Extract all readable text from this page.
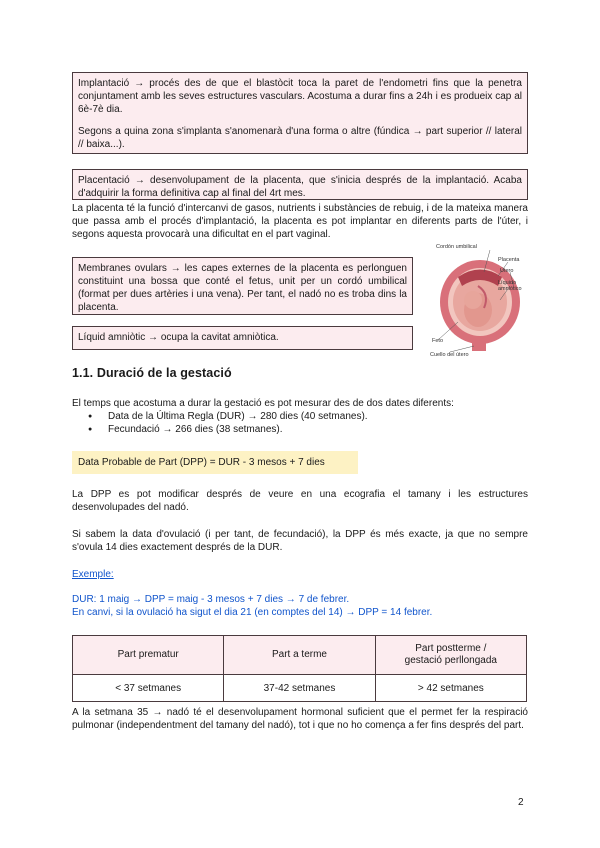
Implantació → procés des de que el blastòcit toca la paret de l'endometri fins que la penetra conjuntament amb les seves estructures vasculars. Acostuma a durar fins a 24h i es produeix cap al 6è-7è dia.

Segons a quina zona s'implanta s'anomenarà d'una forma o altre (fúndica → part superior // lateral // baixa...).

Placentació → desenvolupament de la placenta, que s'inicia després de la implantació. Acaba d'adquirir la forma definitiva cap al final del 4rt mes.

La placenta té la funció d'intercanvi de gasos, nutrients i substàncies de rebuig, i de la mateixa manera que passa amb el procés d'implantació, la placenta es pot implantar en diferents parts de l'úter, i segons aquesta provocarà una dificultat en el part vaginal.

Membranes ovulars → les capes externes de la placenta es perlonguen constituint una bossa que conté el fetus, unit per un cordó umbilical (format per dues artèries i una vena). Per tant, el nadó no es troba dins la placenta.

Líquid amniòtic → ocupa la cavitat amniòtica.

Cordón umbilical
Placenta
Útero
Líquido amniótico
Feto
Cuello del útero
1.1. Duració de la gestació

El temps que acostuma a durar la gestació es pot mesurar des de dos dates diferents:

● Data de la Última Regla (DUR) → 280 dies (40 setmanes).
● Fecundació → 266 dies (38 setmanes).
Data Probable de Part (DPP) = DUR - 3 mesos + 7 dies

La DPP es pot modificar després de veure en una ecografia el tamany i les estructures desenvolupades del nadó.

Si sabem la data d'ovulació (i per tant, de fecundació), la DPP és més exacte, ja que no sempre s'ovula 14 dies exactement després de la DUR.

Exemple:

DUR: 1 maig → DPP = maig - 3 mesos + 7 dies → 7 de febrer.

En canvi, si la ovulació ha sigut el dia 21 (en comptes del 14) → DPP = 14 febrer.

Part prematur	Part a terme	Part postterme / gestació perllongada
< 37 setmanes	37-42 setmanes	> 42 setmanes

A la setmana 35 → nadó té el desenvolupament hormonal suficient que el permet fer la respiració pulmonar (independentment del tamany del nadó), tot i que no ho comença a fer fins després del part.

2
